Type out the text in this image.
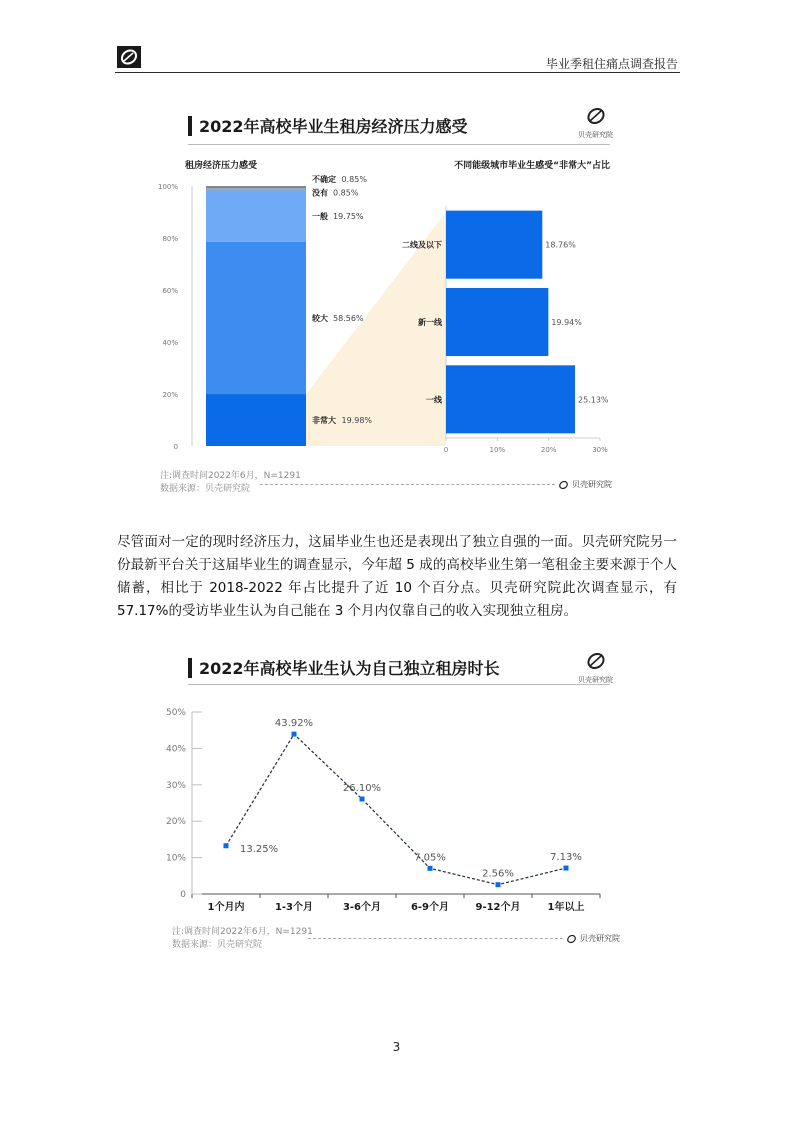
毕业季租住痛点调查报告
2022年高校毕业生租房经济压力感受	贝壳研究院
租房经济压力感受	不同能级城市毕业生感受“非常大”占比
0
20%
40%
60%
80%
100%
非常大 19.98%
较大 58.56%
一般 19.75%
没有 0.85%
不确定 0.85%
0	10%	20%	30%
二线及以下	18.76%
新一线	19.94%
一线	25.13%
注:调查时间2022年6月，N=1291
数据来源：贝壳研究院	贝壳研究院
尽管面对一定的现时经济压力，这届毕业生也还是表现出了独立自强的一面。贝壳研究院另一份最新平台关于这届毕业生的调查显示，今年超 5 成的高校毕业生第一笔租金主要来源于个人储蓄，相比于 2018-2022 年占比提升了近 10 个百分点。贝壳研究院此次调查显示，有 57.17%的受访毕业生认为自己能在 3 个月内仅靠自己的收入实现独立租房。
2022年高校毕业生认为自己独立租房时长
贝壳研究院
0
10%
20%
30%
40%
50%
13.25%
1个月内
43.92%
1-3个月
26.10%
3-6个月
7.05%
6-9个月
2.56%
9-12个月
7.13%
1年以上
注:调查时间2022年6月，N=1291
数据来源：贝壳研究院
贝壳研究院
3
